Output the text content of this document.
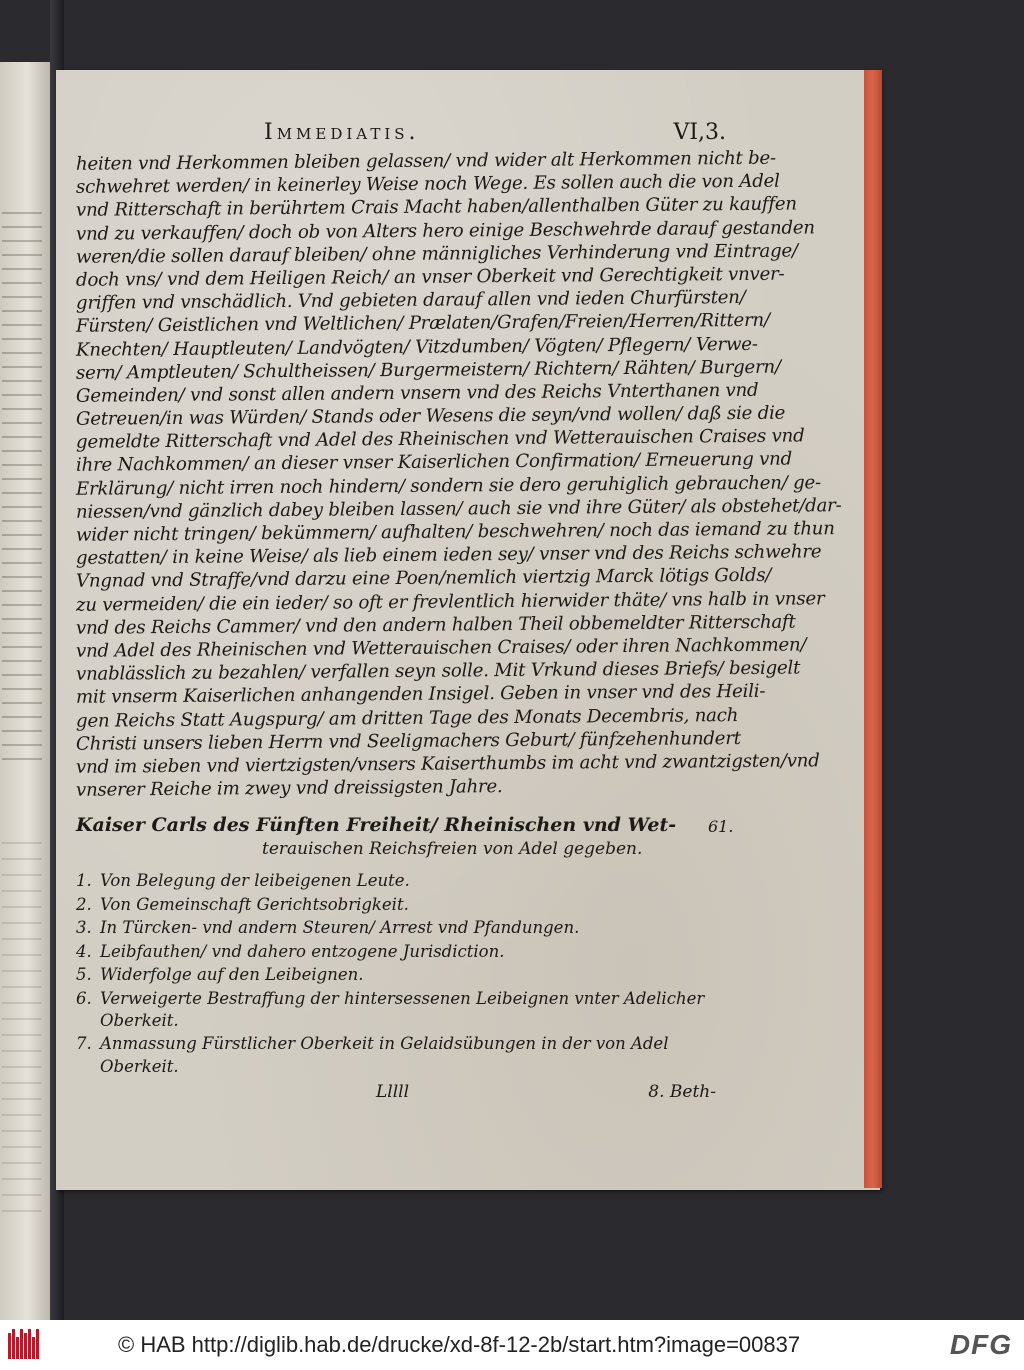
Immediatis.	VI,3.
heiten vnd Herkommen bleiben gelassen/ vnd wider alt Herkommen nicht be-
schwehret werden/ in keinerley Weise noch Wege. Es sollen auch die von Adel
vnd Ritterschaft in berührtem Crais Macht haben/allenthalben Güter zu kauffen
vnd zu verkauffen/ doch ob von Alters hero einige Beschwehrde darauf gestanden
weren/die sollen darauf bleiben/ ohne männigliches Verhinderung vnd Eintrage/
doch vns/ vnd dem Heiligen Reich/ an vnser Oberkeit vnd Gerechtigkeit vnver-
griffen vnd vnschädlich. Vnd gebieten darauf allen vnd ieden Churfürsten/
Fürsten/ Geistlichen vnd Weltlichen/ Prælaten/Grafen/Freien/Herren/Rittern/
Knechten/ Hauptleuten/ Landvögten/ Vitzdumben/ Vögten/ Pflegern/ Verwe-
sern/ Amptleuten/ Schultheissen/ Burgermeistern/ Richtern/ Rähten/ Burgern/
Gemeinden/ vnd sonst allen andern vnsern vnd des Reichs Vnterthanen vnd
Getreuen/in was Würden/ Stands oder Wesens die seyn/vnd wollen/ daß sie die
gemeldte Ritterschaft vnd Adel des Rheinischen vnd Wetterauischen Craises vnd
ihre Nachkommen/ an dieser vnser Kaiserlichen Confirmation/ Erneuerung vnd
Erklärung/ nicht irren noch hindern/ sondern sie dero geruhiglich gebrauchen/ ge-
niessen/vnd gänzlich dabey bleiben lassen/ auch sie vnd ihre Güter/ als obstehet/dar-
wider nicht tringen/ bekümmern/ aufhalten/ beschwehren/ noch das iemand zu thun
gestatten/ in keine Weise/ als lieb einem ieden sey/ vnser vnd des Reichs schwehre
Vngnad vnd Straffe/vnd darzu eine Poen/nemlich viertzig Marck lötigs Golds/
zu vermeiden/ die ein ieder/ so oft er frevlentlich hierwider thäte/ vns halb in vnser
vnd des Reichs Cammer/ vnd den andern halben Theil obbemeldter Ritterschaft
vnd Adel des Rheinischen vnd Wetterauischen Craises/ oder ihren Nachkommen/
vnablässlich zu bezahlen/ verfallen seyn solle. Mit Vrkund dieses Briefs/ besigelt
mit vnserm Kaiserlichen anhangenden Insigel. Geben in vnser vnd des Heili-
gen Reichs Statt Augspurg/ am dritten Tage des Monats Decembris, nach
Christi unsers lieben Herrn vnd Seeligmachers Geburt/ fünfzehenhundert
vnd im sieben vnd viertzigsten/vnsers Kaiserthumbs im acht vnd zwantzigsten/vnd
vnserer Reiche im zwey vnd dreissigsten Jahre.
Kaiser Carls des Fünften Freiheit/ Rheinischen vnd Wet- 61.
terauischen Reichsfreien von Adel gegeben.
1. Von Belegung der leibeigenen Leute.
2. Von Gemeinschaft Gerichtsobrigkeit.
3. In Türcken- vnd andern Steuren/ Arrest vnd Pfandungen.
4. Leibfauthen/ vnd dahero entzogene Jurisdiction.
5. Widerfolge auf den Leibeignen.
6. Verweigerte Bestraffung der hintersessenen Leibeignen vnter Adelicher
Oberkeit.
7. Anmassung Fürstlicher Oberkeit in Gelaidsübungen in der von Adel
Oberkeit.
Lllll	8. Beth-
© HAB http://diglib.hab.de/drucke/xd-8f-12-2b/start.htm?image=00837	DFG
